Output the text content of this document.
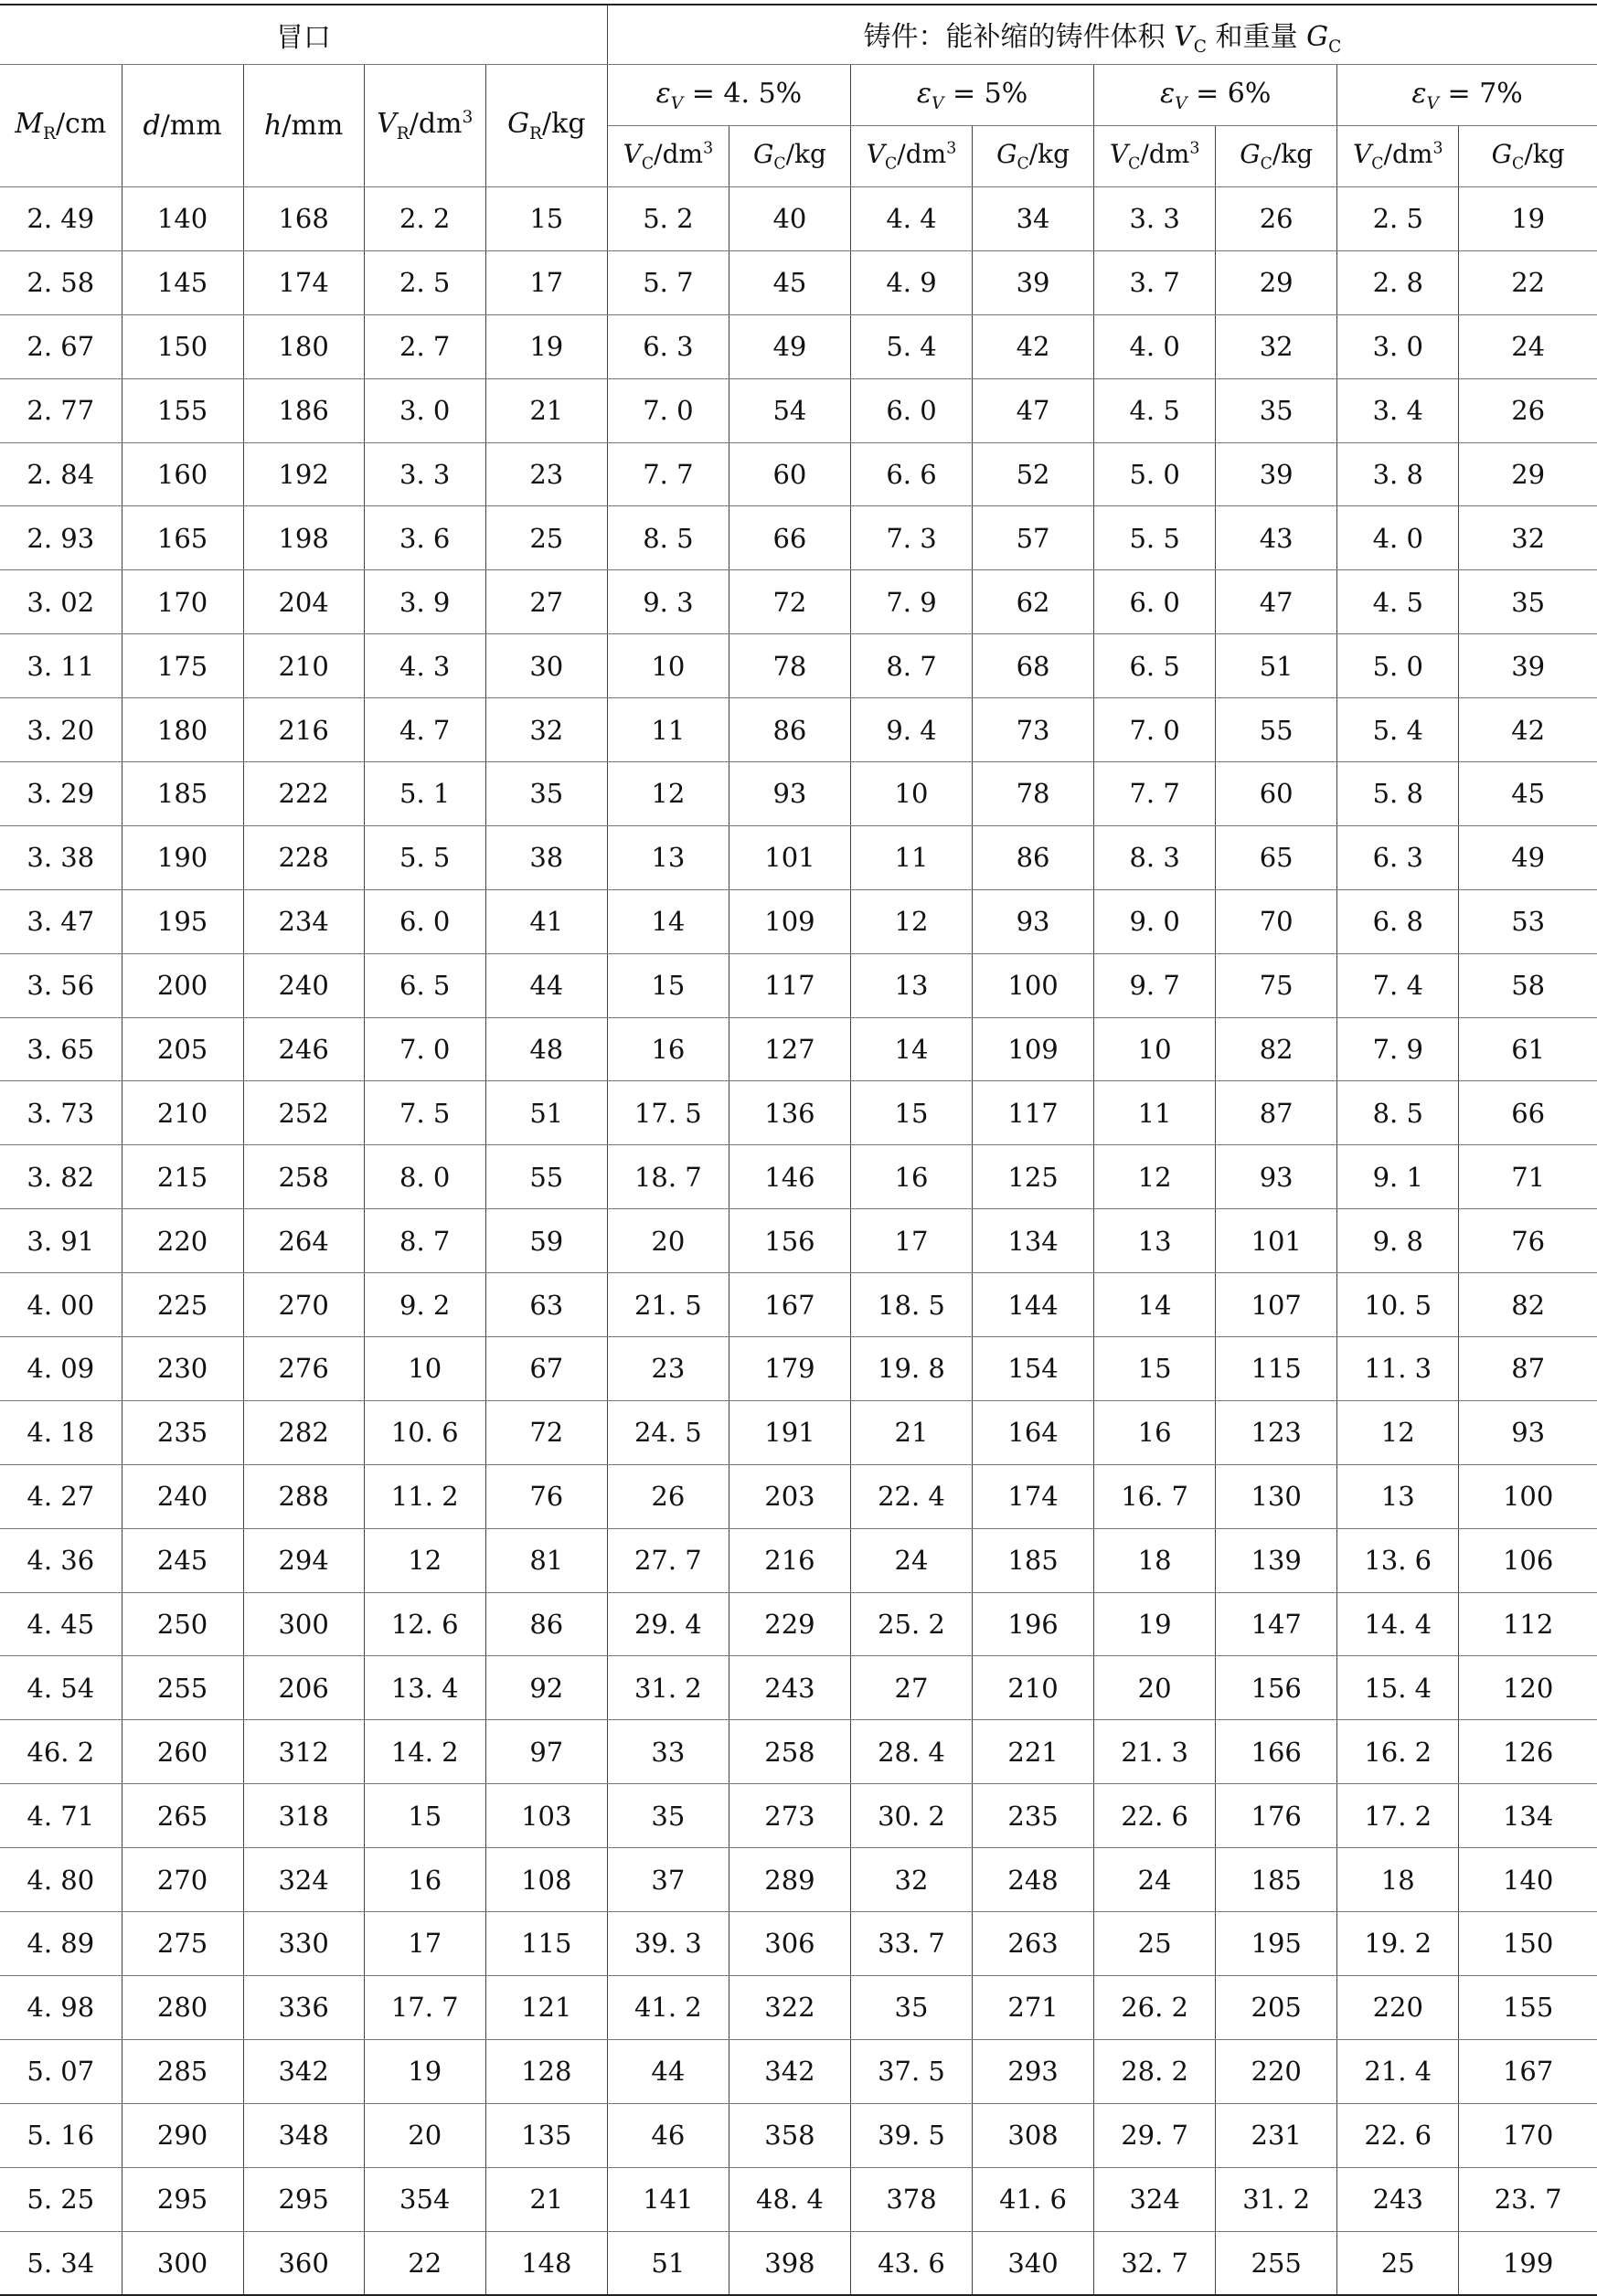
冒口					铸件：能补缩的铸件体积 $V_C$ 和重量 $G_C$
$M_R/cm$	d/mm	h/mm	$V_R/dm^3$	$G_R/kg$	$\varepsilon_V = 4$. 5%		$\varepsilon_V = 5\%$		$\varepsilon_V = 6\%$		$\varepsilon_V = 7\%$	
					$V_C/dm^3$	$G_C/kg$	$V_C/dm^3$	$G_C/kg$	$V_C/dm^3$	$G_C/kg$	$V_C/dm^3$	$G_C/kg$
2. 49	140	168	2. 2	15	5. 2	40	4. 4	34	3. 3	26	2. 5	19
2. 58	145	174	2. 5	17	5. 7	45	4. 9	39	3. 7	29	2. 8	22
2. 67	150	180	2. 7	19	6. 3	49	5. 4	42	4. 0	32	3. 0	24
2. 77	155	186	3. 0	21	7. 0	54	6. 0	47	4. 5	35	3. 4	26
2. 84	160	192	3. 3	23	7. 7	60	6. 6	52	5. 0	39	3. 8	29
2. 93	165	198	3. 6	25	8. 5	66	7. 3	57	5. 5	43	4. 0	32
3. 02	170	204	3. 9	27	9. 3	72	7. 9	62	6. 0	47	4. 5	35
3. 11	175	210	4. 3	30	10	78	8. 7	68	6. 5	51	5. 0	39
3. 20	180	216	4. 7	32	11	86	9. 4	73	7. 0	55	5. 4	42
3. 29	185	222	5. 1	35	12	93	10	78	7. 7	60	5. 8	45
3. 38	190	228	5. 5	38	13	101	11	86	8. 3	65	6. 3	49
3. 47	195	234	6. 0	41	14	109	12	93	9. 0	70	6. 8	53
3. 56	200	240	6. 5	44	15	117	13	100	9. 7	75	7. 4	58
3. 65	205	246	7. 0	48	16	127	14	109	10	82	7. 9	61
3. 73	210	252	7. 5	51	17. 5	136	15	117	11	87	8. 5	66
3. 82	215	258	8. 0	55	18. 7	146	16	125	12	93	9. 1	71
3. 91	220	264	8. 7	59	20	156	17	134	13	101	9. 8	76
4. 00	225	270	9. 2	63	21. 5	167	18. 5	144	14	107	10. 5	82
4. 09	230	276	10	67	23	179	19. 8	154	15	115	11. 3	87
4. 18	235	282	10. 6	72	24. 5	191	21	164	16	123	12	93
4. 27	240	288	11. 2	76	26	203	22. 4	174	16. 7	130	13	100
4. 36	245	294	12	81	27. 7	216	24	185	18	139	13. 6	106
4. 45	250	300	12. 6	86	29. 4	229	25. 2	196	19	147	14. 4	112
4. 54	255	206	13. 4	92	31. 2	243	27	210	20	156	15. 4	120
46. 2	260	312	14. 2	97	33	258	28. 4	221	21. 3	166	16. 2	126
4. 71	265	318	15	103	35	273	30. 2	235	22. 6	176	17. 2	134
4. 80	270	324	16	108	37	289	32	248	24	185	18	140
4. 89	275	330	17	115	39. 3	306	33. 7	263	25	195	19. 2	150
4. 98	280	336	17. 7	121	41. 2	322	35	271	26. 2	205	220	155
5. 07	285	342	19	128	44	342	37. 5	293	28. 2	220	21. 4	167
5. 16	290	348	20	135	46	358	39. 5	308	29. 7	231	22. 6	170
5. 25	295	295	354	21	141	48. 4	378	41. 6	324	31. 2	243	23. 7
5. 34	300	360	22	148	51	398	43. 6	340	32. 7	255	25	199
